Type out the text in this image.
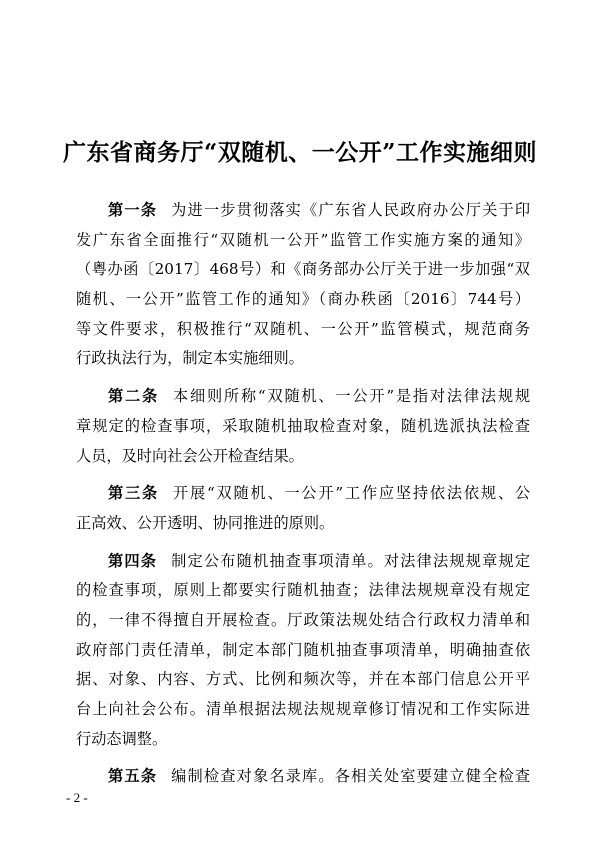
广东省商务厅“双随机、一公开”工作实施细则
第一条 为进一步贯彻落实《广东省人民政府办公厅关于印
发广东省全面推行“双随机一公开”监管工作实施方案的通知》
（粤办函〔2017〕468号）和《商务部办公厅关于进一步加强“双
随机、一公开”监管工作的通知》（商办秩函〔2016〕744号）
等文件要求，积极推行“双随机、一公开”监管模式，规范商务
行政执法行为，制定本实施细则。
第二条 本细则所称“双随机、一公开”是指对法律法规规
章规定的检查事项，采取随机抽取检查对象，随机选派执法检查
人员，及时向社会公开检查结果。
第三条 开展“双随机、一公开”工作应坚持依法依规、公
正高效、公开透明、协同推进的原则。
第四条 制定公布随机抽查事项清单。对法律法规规章规定
的检查事项，原则上都要实行随机抽查；法律法规规章没有规定
的，一律不得擅自开展检查。厅政策法规处结合行政权力清单和
政府部门责任清单，制定本部门随机抽查事项清单，明确抽查依
据、对象、内容、方式、比例和频次等，并在本部门信息公开平
台上向社会公布。清单根据法规法规规章修订情况和工作实际进
行动态调整。
第五条 编制检查对象名录库。各相关处室要建立健全检查
- 2 -
